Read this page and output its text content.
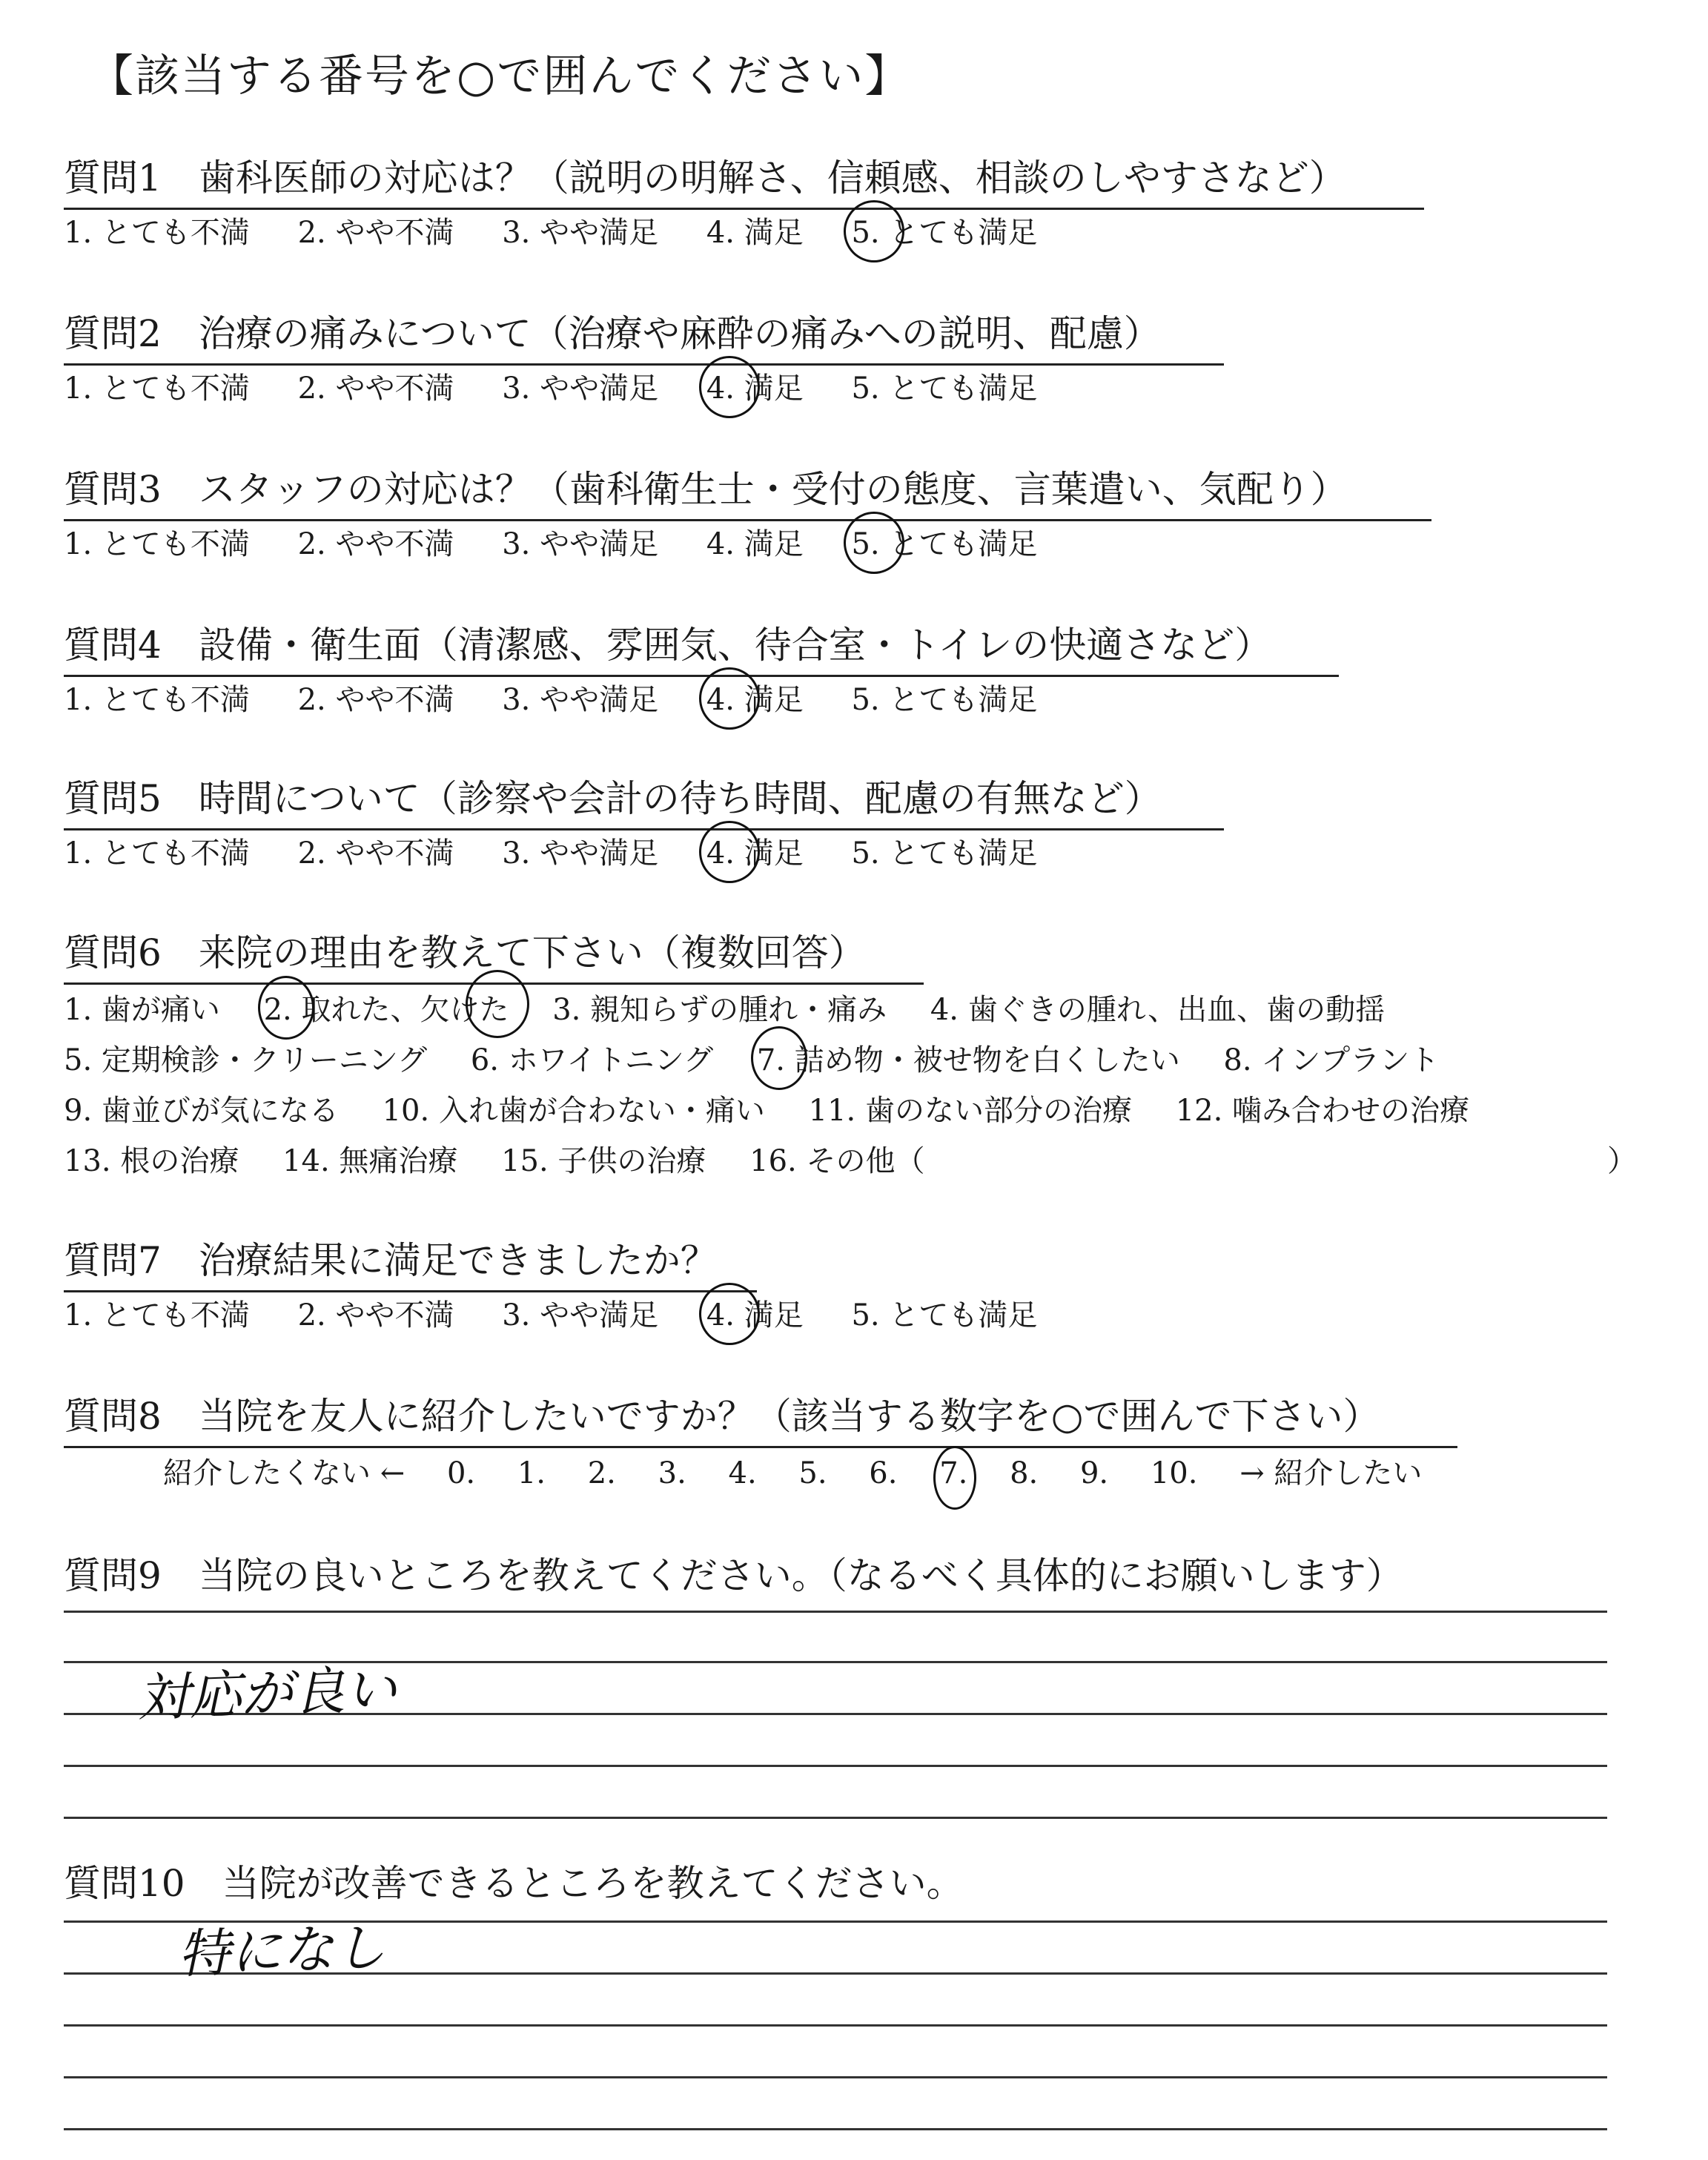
【該当する番号を○で囲んでください】
質問1 歯科医師の対応は？（説明の明解さ、信頼感、相談のしやすさなど）
1. とても不満 2. やや不満 3. やや満足 4. 満足 5. とても満足
質問2 治療の痛みについて（治療や麻酔の痛みへの説明、配慮）
1. とても不満 2. やや不満 3. やや満足 4. 満足 5. とても満足
質問3 スタッフの対応は？（歯科衛生士・受付の態度、言葉遣い、気配り）
1. とても不満 2. やや不満 3. やや満足 4. 満足 5. とても満足
質問4 設備・衛生面（清潔感、雰囲気、待合室・トイレの快適さなど）
1. とても不満 2. やや不満 3. やや満足 4. 満足 5. とても満足
質問5 時間について（診察や会計の待ち時間、配慮の有無など）
1. とても不満 2. やや不満 3. やや満足 4. 満足 5. とても満足
質問6 来院の理由を教えて下さい（複数回答）
1. 歯が痛い 2. 取れた、欠けた 3. 親知らずの腫れ・痛み 4. 歯ぐきの腫れ、出血、歯の動揺
5. 定期検診・クリーニング 6. ホワイトニング 7. 詰め物・被せ物を白くしたい 8. インプラント
9. 歯並びが気になる 10. 入れ歯が合わない・痛い 11. 歯のない部分の治療 12. 噛み合わせの治療
13. 根の治療 14. 無痛治療 15. 子供の治療 16. その他（	）
質問7 治療結果に満足できましたか？
1. とても不満 2. やや不満 3. やや満足 4. 満足 5. とても満足
質問8 当院を友人に紹介したいですか？（該当する数字を○で囲んで下さい）
紹介したくない ← 0. 1. 2. 3. 4. 5. 6. 7. 8. 9. 10. → 紹介したい
質問9 当院の良いところを教えてください。（なるべく具体的にお願いします）
対応が良い
質問10 当院が改善できるところを教えてください。
特になし
